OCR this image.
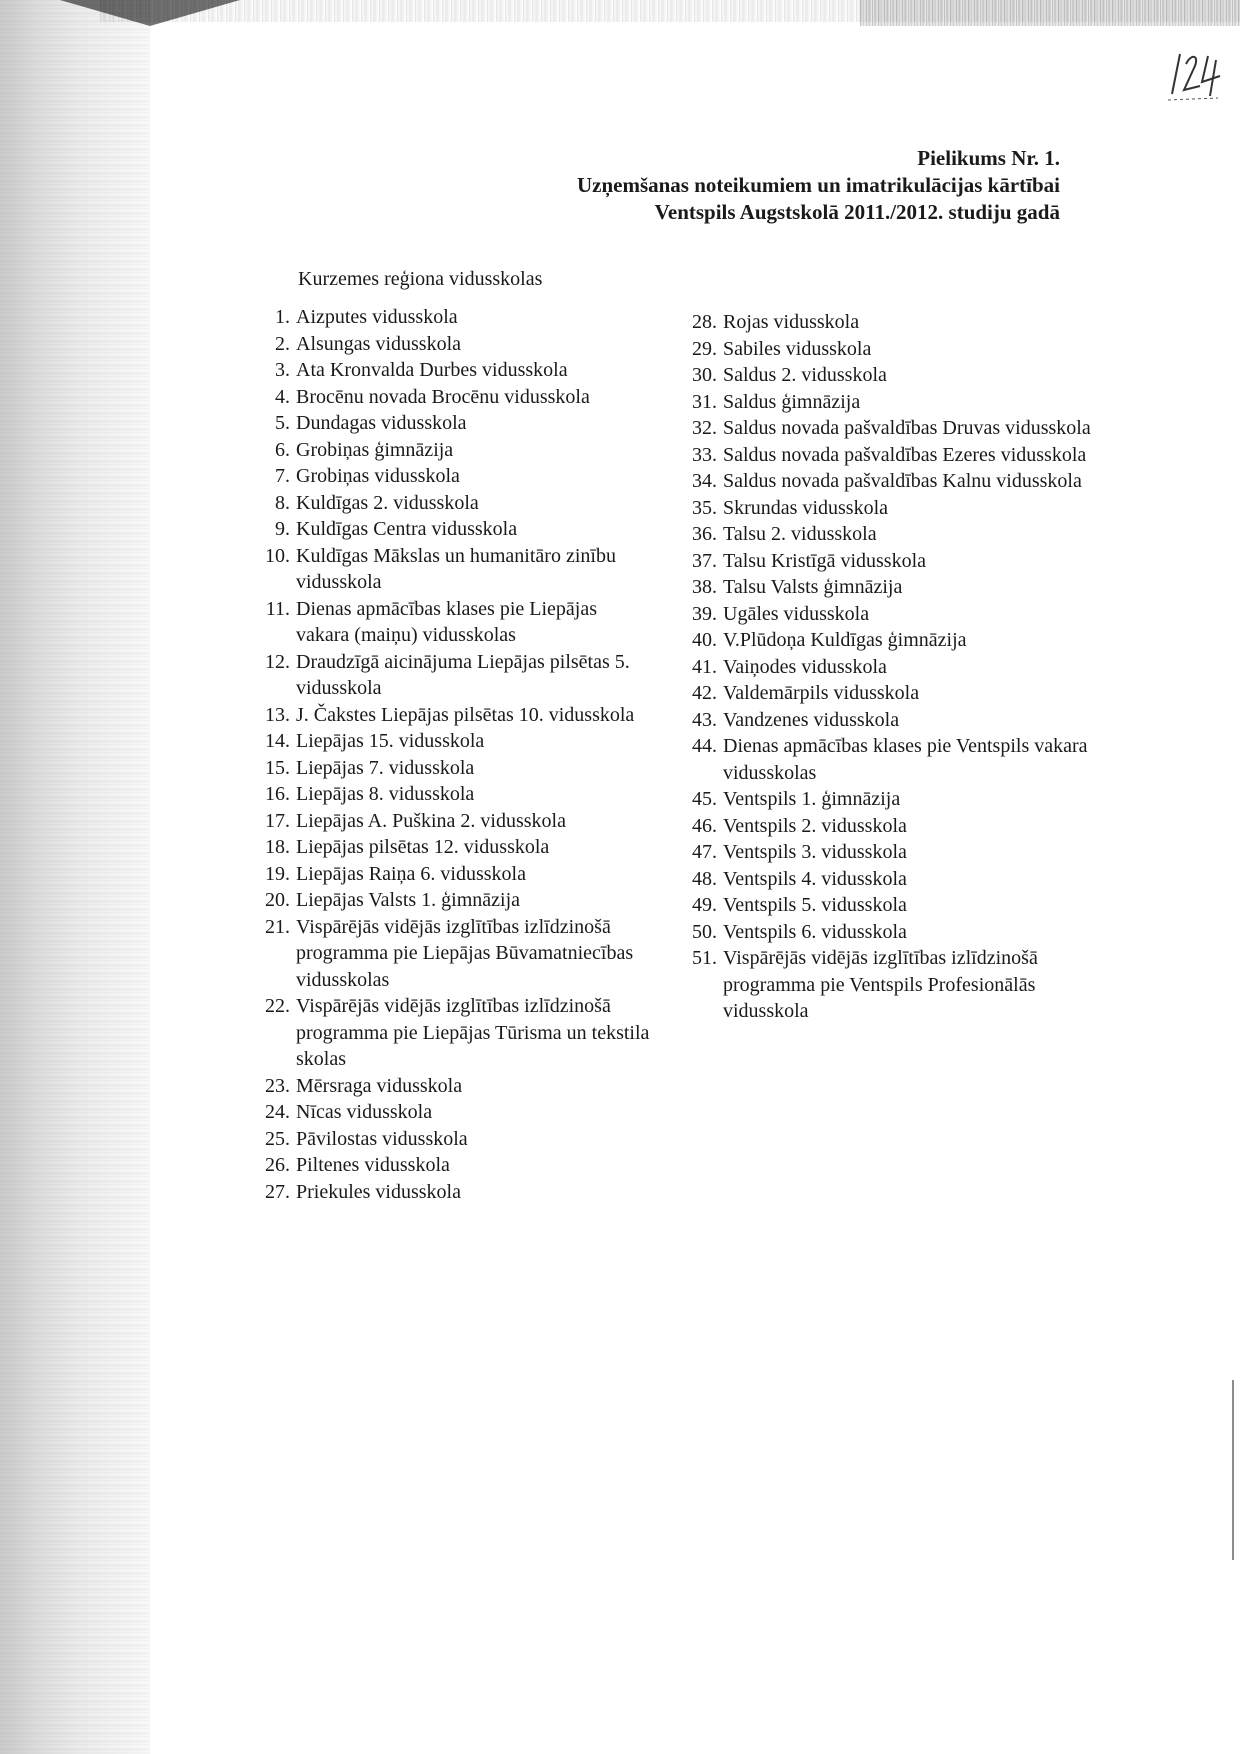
Pielikums Nr. 1.
Uzņemšanas noteikumiem un imatrikulācijas kārtībai
Ventspils Augstskolā 2011./2012. studiju gadā
Kurzemes reģiona vidusskolas
1. Aizputes vidusskola
2. Alsungas vidusskola
3. Ata Kronvalda Durbes vidusskola
4. Brocēnu novada Brocēnu vidusskola
5. Dundagas vidusskola
6. Grobiņas ģimnāzija
7. Grobiņas vidusskola
8. Kuldīgas 2. vidusskola
9. Kuldīgas Centra vidusskola
10. Kuldīgas Mākslas un humanitāro zinību vidusskola
11. Dienas apmācības klases pie Liepājas vakara (maiņu) vidusskolas
12. Draudzīgā aicinājuma Liepājas pilsētas 5. vidusskola
13. J. Čakstes Liepājas pilsētas 10. vidusskola
14. Liepājas 15. vidusskola
15. Liepājas 7. vidusskola
16. Liepājas 8. vidusskola
17. Liepājas A. Puškina 2. vidusskola
18. Liepājas pilsētas 12. vidusskola
19. Liepājas Raiņa 6. vidusskola
20. Liepājas Valsts 1. ģimnāzija
21. Vispārējās vidējās izglītības izlīdzinošā programma pie Liepājas Būvamatniecības vidusskolas
22. Vispārējās vidējās izglītības izlīdzinošā programma pie Liepājas Tūrisma un tekstila skolas
23. Mērsraga vidusskola
24. Nīcas vidusskola
25. Pāvilostas vidusskola
26. Piltenes vidusskola
27. Priekules vidusskola
28. Rojas vidusskola
29. Sabiles vidusskola
30. Saldus 2. vidusskola
31. Saldus ģimnāzija
32. Saldus novada pašvaldības Druvas vidusskola
33. Saldus novada pašvaldības Ezeres vidusskola
34. Saldus novada pašvaldības Kalnu vidusskola
35. Skrundas vidusskola
36. Talsu 2. vidusskola
37. Talsu Kristīgā vidusskola
38. Talsu Valsts ģimnāzija
39. Ugāles vidusskola
40. V.Plūdoņa Kuldīgas ģimnāzija
41. Vaiņodes vidusskola
42. Valdemārpils vidusskola
43. Vandzenes vidusskola
44. Dienas apmācības klases pie Ventspils vakara vidusskolas
45. Ventspils 1. ģimnāzija
46. Ventspils 2. vidusskola
47. Ventspils 3. vidusskola
48. Ventspils 4. vidusskola
49. Ventspils 5. vidusskola
50. Ventspils 6. vidusskola
51. Vispārējās vidējās izglītības izlīdzinošā programma pie Ventspils Profesionālās vidusskola
